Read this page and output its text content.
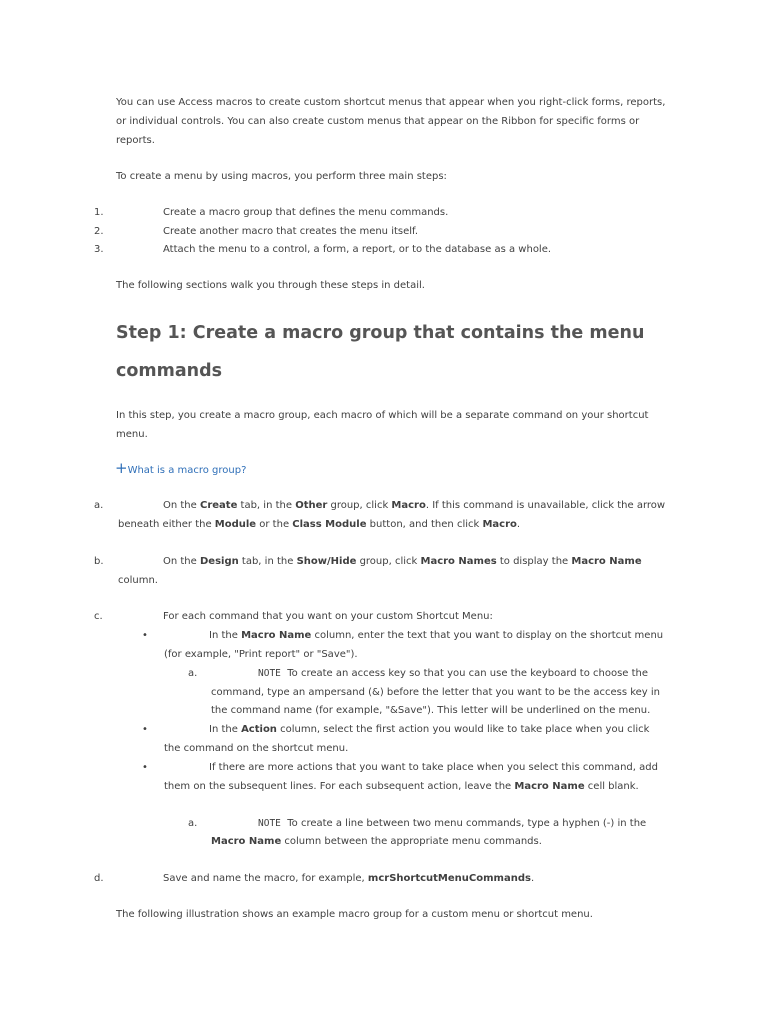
You can use Access macros to create custom shortcut menus that appear when you right-click forms, reports,
or individual controls. You can also create custom menus that appear on the Ribbon for specific forms or
reports.
To create a menu by using macros, you perform three main steps:
1.	Create a macro group that defines the menu commands.
2.	Create another macro that creates the menu itself.
3.	Attach the menu to a control, a form, a report, or to the database as a whole.
The following sections walk you through these steps in detail.
Step 1: Create a macro group that contains the menu
commands
In this step, you create a macro group, each macro of which will be a separate command on your shortcut
menu.
+What is a macro group?
a.	On the Create tab, in the Other group, click Macro. If this command is unavailable, click the arrow
beneath either the Module or the Class Module button, and then click Macro.
b.	On the Design tab, in the Show/Hide group, click Macro Names to display the Macro Name
column.
c.	For each command that you want on your custom Shortcut Menu:
•	In the Macro Name column, enter the text that you want to display on the shortcut menu
(for example, "Print report" or "Save").
a.	NOTE To create an access key so that you can use the keyboard to choose the
command, type an ampersand (&) before the letter that you want to be the access key in
the command name (for example, "&Save"). This letter will be underlined on the menu.
•	In the Action column, select the first action you would like to take place when you click
the command on the shortcut menu.
•	If there are more actions that you want to take place when you select this command, add
them on the subsequent lines. For each subsequent action, leave the Macro Name cell blank.
a.	NOTE To create a line between two menu commands, type a hyphen (-) in the
Macro Name column between the appropriate menu commands.
d.	Save and name the macro, for example, mcrShortcutMenuCommands.
The following illustration shows an example macro group for a custom menu or shortcut menu.
